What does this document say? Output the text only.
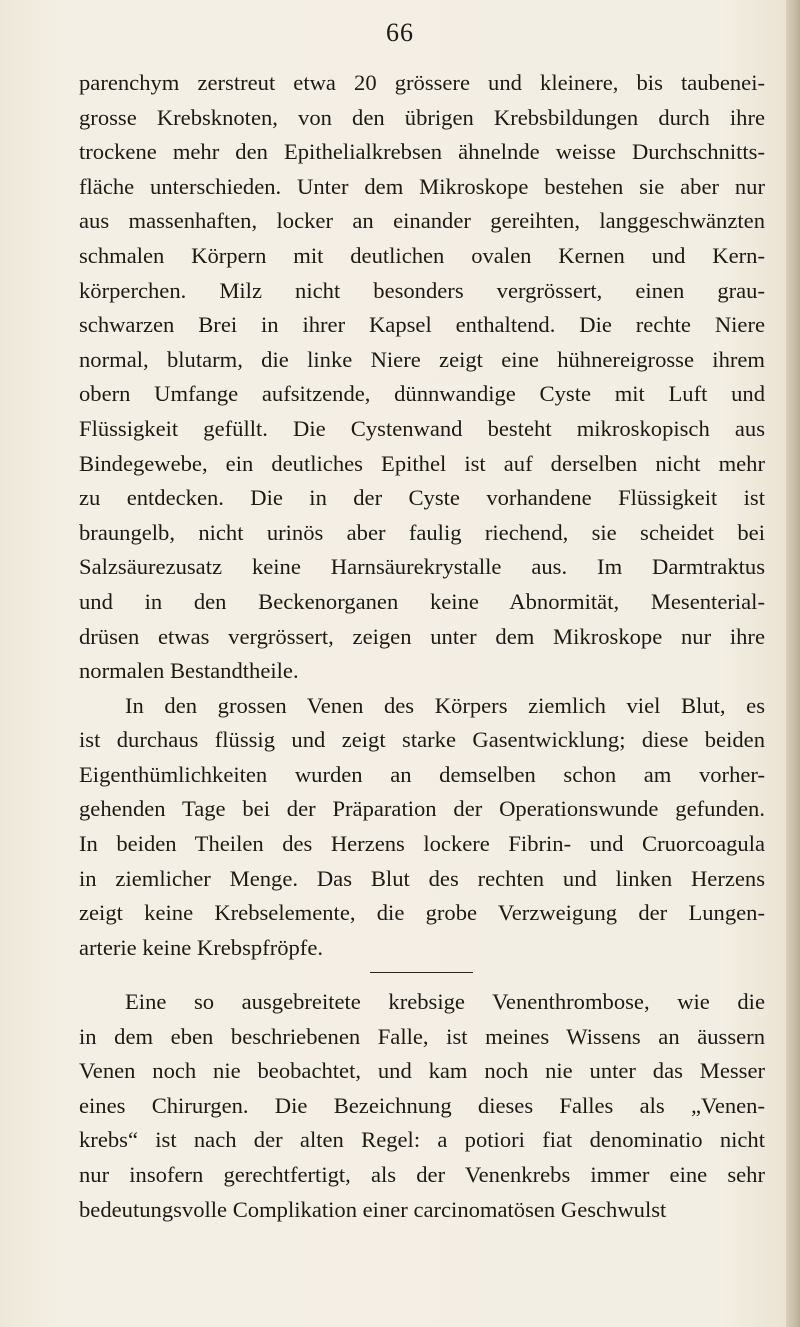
66
parenchym zerstreut etwa 20 grössere und kleinere, bis taubenei-
grosse Krebsknoten, von den übrigen Krebsbildungen durch ihre
trockene mehr den Epithelialkrebsen ähnelnde weisse Durchschnitts-
fläche unterschieden. Unter dem Mikroskope bestehen sie aber nur
aus massenhaften, locker an einander gereihten, langgeschwänzten
schmalen Körpern mit deutlichen ovalen Kernen und Kern-
körperchen. Milz nicht besonders vergrössert, einen grau-
schwarzen Brei in ihrer Kapsel enthaltend. Die rechte Niere
normal, blutarm, die linke Niere zeigt eine hühnereigrosse ihrem
obern Umfange aufsitzende, dünnwandige Cyste mit Luft und
Flüssigkeit gefüllt. Die Cystenwand besteht mikroskopisch aus
Bindegewebe, ein deutliches Epithel ist auf derselben nicht mehr
zu entdecken. Die in der Cyste vorhandene Flüssigkeit ist
braungelb, nicht urinös aber faulig riechend, sie scheidet bei
Salzsäurezusatz keine Harnsäurekrystalle aus. Im Darmtraktus
und in den Beckenorganen keine Abnormität, Mesenterial-
drüsen etwas vergrössert, zeigen unter dem Mikroskope nur ihre
normalen Bestandtheile.
In den grossen Venen des Körpers ziemlich viel Blut, es
ist durchaus flüssig und zeigt starke Gasentwicklung; diese beiden
Eigenthümlichkeiten wurden an demselben schon am vorher-
gehenden Tage bei der Präparation der Operationswunde gefunden.
In beiden Theilen des Herzens lockere Fibrin- und Cruorcoagula
in ziemlicher Menge. Das Blut des rechten und linken Herzens
zeigt keine Krebselemente, die grobe Verzweigung der Lungen-
arterie keine Krebspfröpfe.
Eine so ausgebreitete krebsige Venenthrombose, wie die
in dem eben beschriebenen Falle, ist meines Wissens an äussern
Venen noch nie beobachtet, und kam noch nie unter das Messer
eines Chirurgen. Die Bezeichnung dieses Falles als „Venen-
krebs“ ist nach der alten Regel: a potiori fiat denominatio nicht
nur insofern gerechtfertigt, als der Venenkrebs immer eine sehr
bedeutungsvolle Complikation einer carcinomatösen Geschwulst
